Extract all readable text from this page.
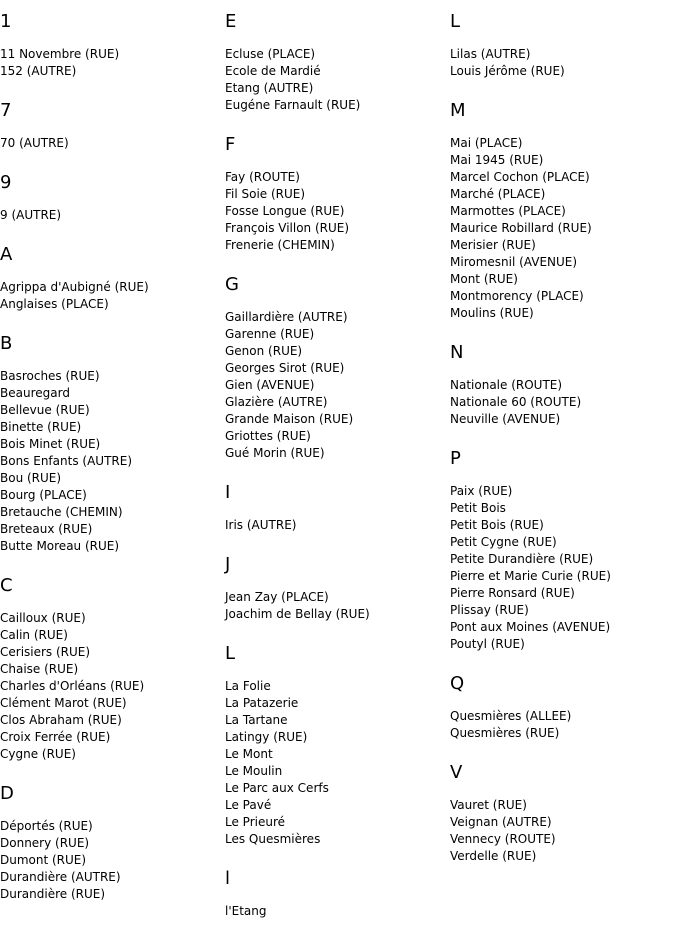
1
11 Novembre (RUE)
152 (AUTRE)
7
70 (AUTRE)
9
9 (AUTRE)
A
Agrippa d'Aubigné (RUE)
Anglaises (PLACE)
B
Basroches (RUE)
Beauregard
Bellevue (RUE)
Binette (RUE)
Bois Minet (RUE)
Bons Enfants (AUTRE)
Bou (RUE)
Bourg (PLACE)
Bretauche (CHEMIN)
Breteaux (RUE)
Butte Moreau (RUE)
C
Cailloux (RUE)
Calin (RUE)
Cerisiers (RUE)
Chaise (RUE)
Charles d'Orléans (RUE)
Clément Marot (RUE)
Clos Abraham (RUE)
Croix Ferrée (RUE)
Cygne (RUE)
D
Déportés (RUE)
Donnery (RUE)
Dumont (RUE)
Durandière (AUTRE)
Durandière (RUE)
E
Ecluse (PLACE)
Ecole de Mardié
Etang (AUTRE)
Eugéne Farnault (RUE)
F
Fay (ROUTE)
Fil Soie (RUE)
Fosse Longue (RUE)
François Villon (RUE)
Frenerie (CHEMIN)
G
Gaillardière (AUTRE)
Garenne (RUE)
Genon (RUE)
Georges Sirot (RUE)
Gien (AVENUE)
Glazière (AUTRE)
Grande Maison (RUE)
Griottes (RUE)
Gué Morin (RUE)
I
Iris (AUTRE)
J
Jean Zay (PLACE)
Joachim de Bellay (RUE)
L
La Folie
La Patazerie
La Tartane
Latingy (RUE)
Le Mont
Le Moulin
Le Parc aux Cerfs
Le Pavé
Le Prieuré
Les Quesmières
l
l'Etang
L
Lilas (AUTRE)
Louis Jérôme (RUE)
M
Mai (PLACE)
Mai 1945 (RUE)
Marcel Cochon (PLACE)
Marché (PLACE)
Marmottes (PLACE)
Maurice Robillard (RUE)
Merisier (RUE)
Miromesnil (AVENUE)
Mont (RUE)
Montmorency (PLACE)
Moulins (RUE)
N
Nationale (ROUTE)
Nationale 60 (ROUTE)
Neuville (AVENUE)
P
Paix (RUE)
Petit Bois
Petit Bois (RUE)
Petit Cygne (RUE)
Petite Durandière (RUE)
Pierre et Marie Curie (RUE)
Pierre Ronsard (RUE)
Plissay (RUE)
Pont aux Moines (AVENUE)
Poutyl (RUE)
Q
Quesmières (ALLEE)
Quesmières (RUE)
V
Vauret (RUE)
Veignan (AUTRE)
Vennecy (ROUTE)
Verdelle (RUE)
